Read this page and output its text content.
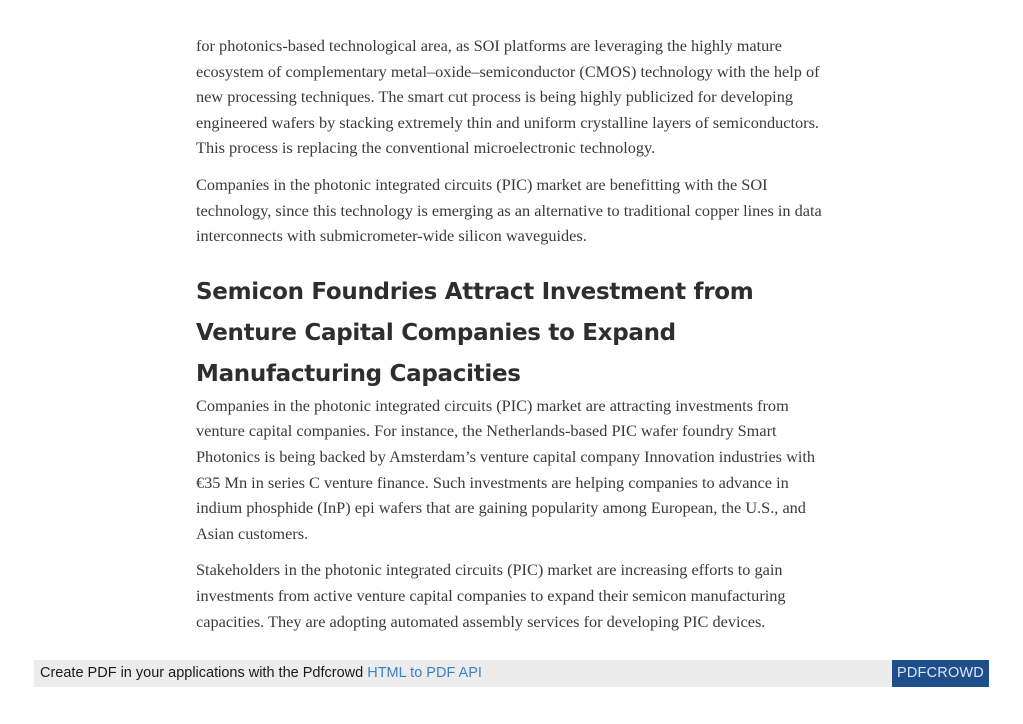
for photonics-based technological area, as SOI platforms are leveraging the highly mature ecosystem of complementary metal–oxide–semiconductor (CMOS) technology with the help of new processing techniques. The smart cut process is being highly publicized for developing engineered wafers by stacking extremely thin and uniform crystalline layers of semiconductors. This process is replacing the conventional microelectronic technology.

Companies in the photonic integrated circuits (PIC) market are benefitting with the SOI technology, since this technology is emerging as an alternative to traditional copper lines in data interconnects with submicrometer-wide silicon waveguides.

Semicon Foundries Attract Investment from Venture Capital Companies to Expand Manufacturing Capacities

Companies in the photonic integrated circuits (PIC) market are attracting investments from venture capital companies. For instance, the Netherlands-based PIC wafer foundry Smart Photonics is being backed by Amsterdam’s venture capital company Innovation industries with €35 Mn in series C venture finance. Such investments are helping companies to advance in indium phosphide (InP) epi wafers that are gaining popularity among European, the U.S., and Asian customers.

Stakeholders in the photonic integrated circuits (PIC) market are increasing efforts to gain investments from active venture capital companies to expand their semicon manufacturing capacities. They are adopting automated assembly services for developing PIC devices.

Create PDF in your applications with the Pdfcrowd HTML to PDF API	PDFCROWD
